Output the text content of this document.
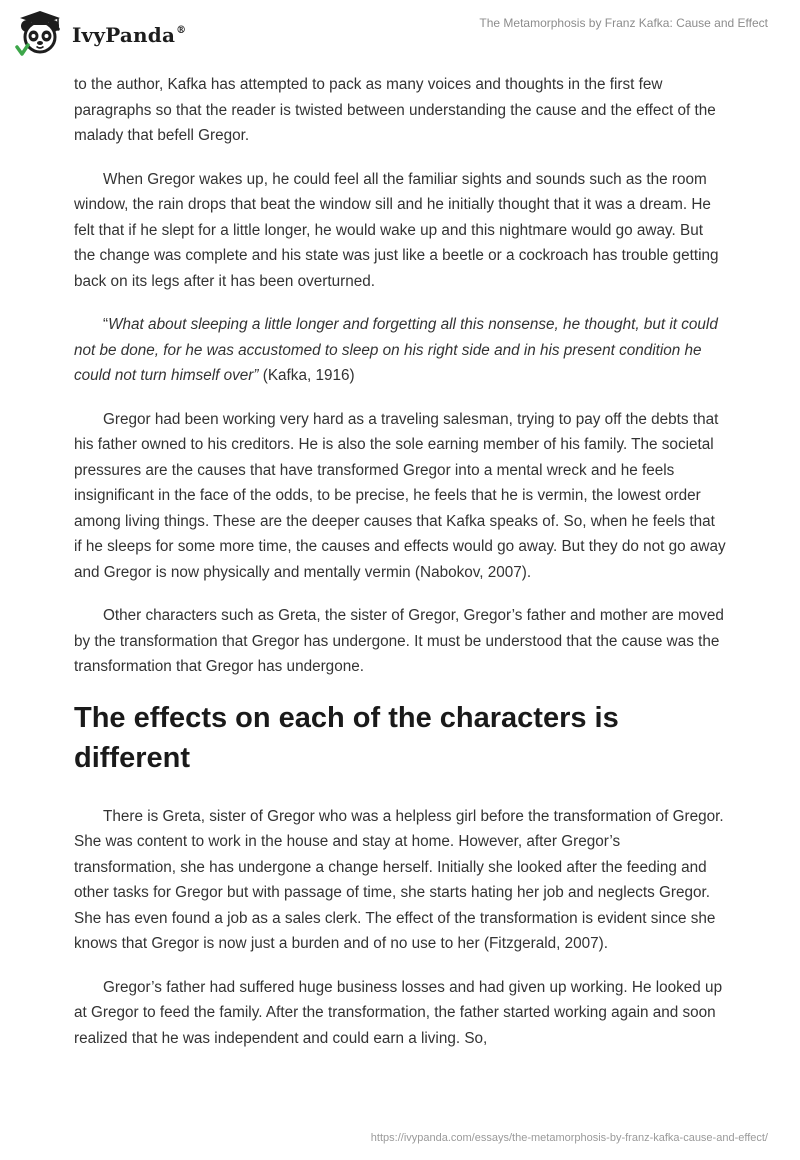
IvyPanda®
The Metamorphosis by Franz Kafka: Cause and Effect

to the author, Kafka has attempted to pack as many voices and thoughts in the first few paragraphs so that the reader is twisted between understanding the cause and the effect of the malady that befell Gregor.

When Gregor wakes up, he could feel all the familiar sights and sounds such as the room window, the rain drops that beat the window sill and he initially thought that it was a dream. He felt that if he slept for a little longer, he would wake up and this nightmare would go away. But the change was complete and his state was just like a beetle or a cockroach has trouble getting back on its legs after it has been overturned.

“What about sleeping a little longer and forgetting all this nonsense, he thought, but it could not be done, for he was accustomed to sleep on his right side and in his present condition he could not turn himself over” (Kafka, 1916)

Gregor had been working very hard as a traveling salesman, trying to pay off the debts that his father owned to his creditors. He is also the sole earning member of his family. The societal pressures are the causes that have transformed Gregor into a mental wreck and he feels insignificant in the face of the odds, to be precise, he feels that he is vermin, the lowest order among living things. These are the deeper causes that Kafka speaks of. So, when he feels that if he sleeps for some more time, the causes and effects would go away. But they do not go away and Gregor is now physically and mentally vermin (Nabokov, 2007).

Other characters such as Greta, the sister of Gregor, Gregor’s father and mother are moved by the transformation that Gregor has undergone. It must be understood that the cause was the transformation that Gregor has undergone.

The effects on each of the characters is different

There is Greta, sister of Gregor who was a helpless girl before the transformation of Gregor. She was content to work in the house and stay at home. However, after Gregor’s transformation, she has undergone a change herself. Initially she looked after the feeding and other tasks for Gregor but with passage of time, she starts hating her job and neglects Gregor. She has even found a job as a sales clerk. The effect of the transformation is evident since she knows that Gregor is now just a burden and of no use to her (Fitzgerald, 2007).

Gregor’s father had suffered huge business losses and had given up working. He looked up at Gregor to feed the family. After the transformation, the father started working again and soon realized that he was independent and could earn a living. So,

https://ivypanda.com/essays/the-metamorphosis-by-franz-kafka-cause-and-effect/
